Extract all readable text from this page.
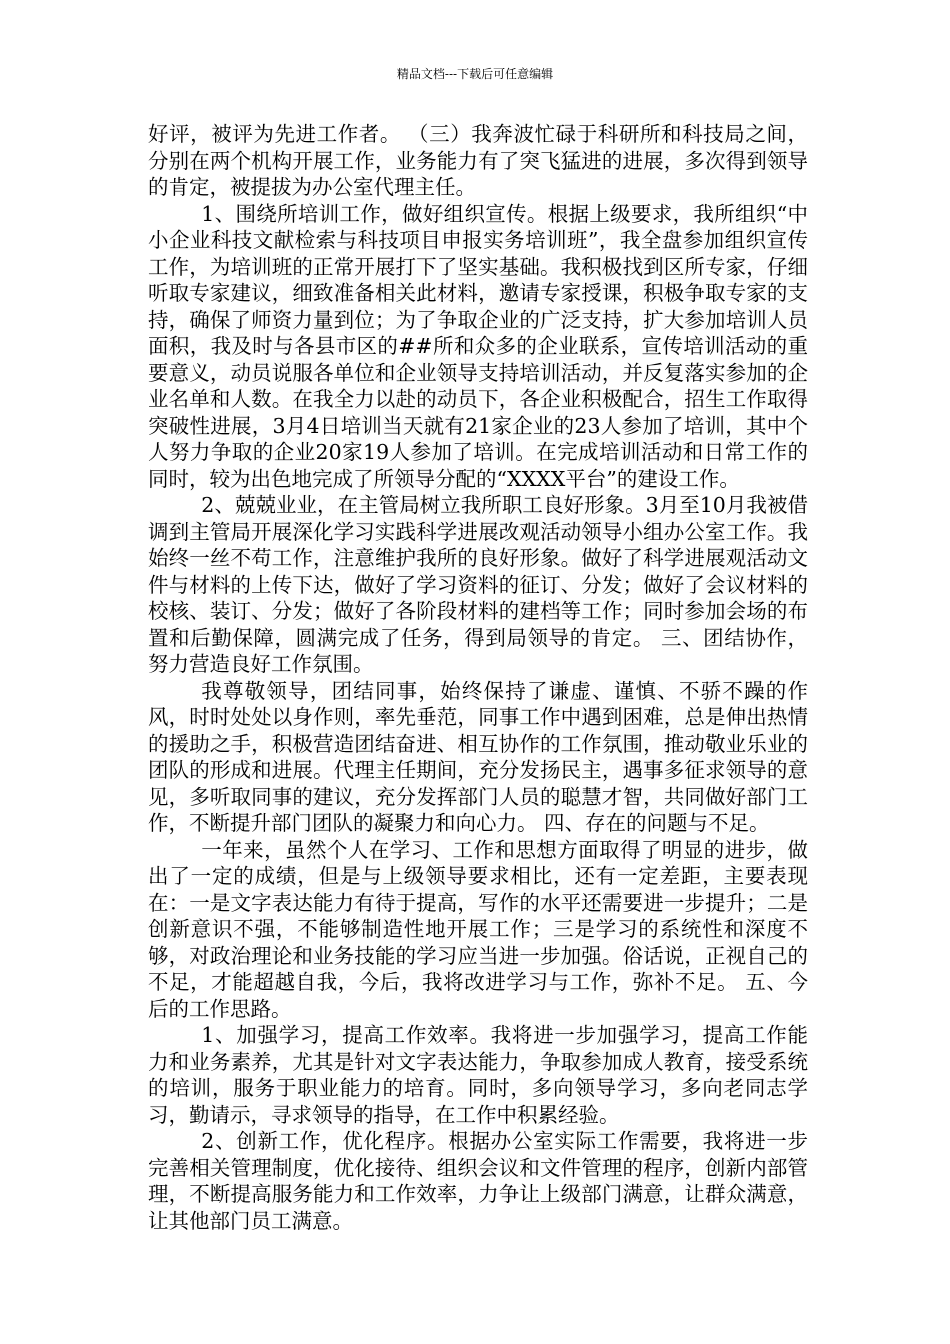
精品文档---下载后可任意编辑

好评，被评为先进工作者。 （三）我奔波忙碌于科研所和科技局之间，分别在两个机构开展工作，业务能力有了突飞猛进的进展，多次得到领导的肯定，被提拔为办公室代理主任。

1、围绕所培训工作，做好组织宣传。根据上级要求，我所组织“中小企业科技文献检索与科技项目申报实务培训班”，我全盘参加组织宣传工作，为培训班的正常开展打下了坚实基础。我积极找到区所专家，仔细听取专家建议，细致准备相关此材料，邀请专家授课，积极争取专家的支持，确保了师资力量到位；为了争取企业的广泛支持，扩大参加培训人员面积，我及时与各县市区的##所和众多的企业联系，宣传培训活动的重要意义，动员说服各单位和企业领导支持培训活动，并反复落实参加的企业名单和人数。在我全力以赴的动员下，各企业积极配合，招生工作取得突破性进展，3月4日培训当天就有21家企业的23人参加了培训，其中个人努力争取的企业20家19人参加了培训。在完成培训活动和日常工作的同时，较为出色地完成了所领导分配的“XXXX平台”的建设工作。

2、兢兢业业，在主管局树立我所职工良好形象。3月至10月我被借调到主管局开展深化学习实践科学进展改观活动领导小组办公室工作。我始终一丝不苟工作，注意维护我所的良好形象。做好了科学进展观活动文件与材料的上传下达，做好了学习资料的征订、分发；做好了会议材料的校核、装订、分发；做好了各阶段材料的建档等工作；同时参加会场的布置和后勤保障，圆满完成了任务，得到局领导的肯定。 三、团结协作，努力营造良好工作氛围。

我尊敬领导，团结同事，始终保持了谦虚、谨慎、不骄不躁的作风，时时处处以身作则，率先垂范，同事工作中遇到困难，总是伸出热情的援助之手，积极营造团结奋进、相互协作的工作氛围，推动敬业乐业的团队的形成和进展。代理主任期间，充分发扬民主，遇事多征求领导的意见，多听取同事的建议，充分发挥部门人员的聪慧才智，共同做好部门工作，不断提升部门团队的凝聚力和向心力。 四、存在的问题与不足。

一年来，虽然个人在学习、工作和思想方面取得了明显的进步，做出了一定的成绩，但是与上级领导要求相比，还有一定差距，主要表现在：一是文字表达能力有待于提高，写作的水平还需要进一步提升；二是创新意识不强，不能够制造性地开展工作；三是学习的系统性和深度不够，对政治理论和业务技能的学习应当进一步加强。俗话说，正视自己的不足，才能超越自我，今后，我将改进学习与工作，弥补不足。 五、今后的工作思路。

1、加强学习，提高工作效率。我将进一步加强学习，提高工作能力和业务素养，尤其是针对文字表达能力，争取参加成人教育，接受系统的培训，服务于职业能力的培育。同时，多向领导学习，多向老同志学习，勤请示，寻求领导的指导，在工作中积累经验。

2、创新工作，优化程序。根据办公室实际工作需要，我将进一步完善相关管理制度，优化接待、组织会议和文件管理的程序，创新内部管理，不断提高服务能力和工作效率，力争让上级部门满意，让群众满意，让其他部门员工满意。
